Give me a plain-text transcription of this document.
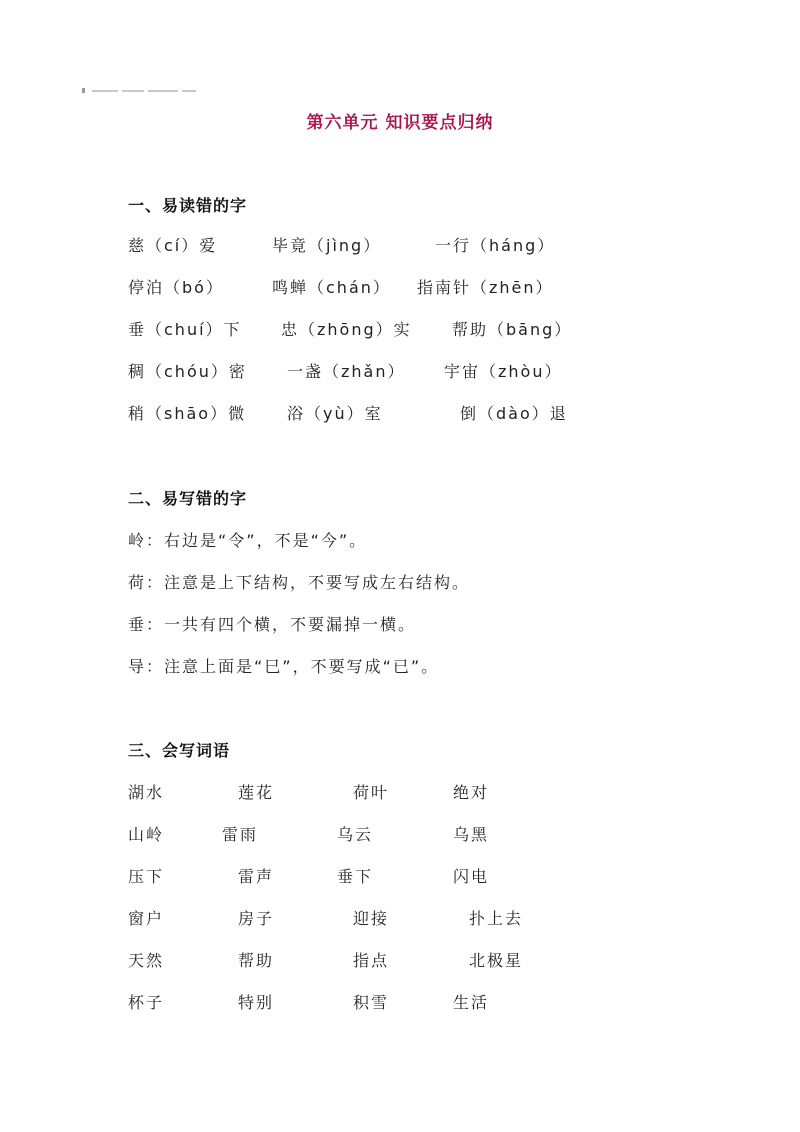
第六单元 知识要点归纳
一、易读错的字
慈（cí）爱	毕竟（jìng）	一行（háng）
停泊（bó）	鸣蝉（chán） 指南针（zhēn）
垂（chuí）下 忠（zhōng）实	帮助（bāng）
稠（chóu）密	一盏（zhǎn） 宇宙（zhòu）
稍（shāo）微	浴（yù）室	倒（dào）退
二、易写错的字
岭：右边是“令”，不是“今”。
荷：注意是上下结构，不要写成左右结构。
垂：一共有四个横，不要漏掉一横。
导：注意上面是“巳”，不要写成“已”。
三、会写词语
湖水	莲花	荷叶	绝对
山岭	雷雨	乌云	乌黑
压下	雷声	垂下	闪电
窗户	房子	迎接	扑上去
天然	帮助	指点	北极星
杯子	特别	积雪	生活
